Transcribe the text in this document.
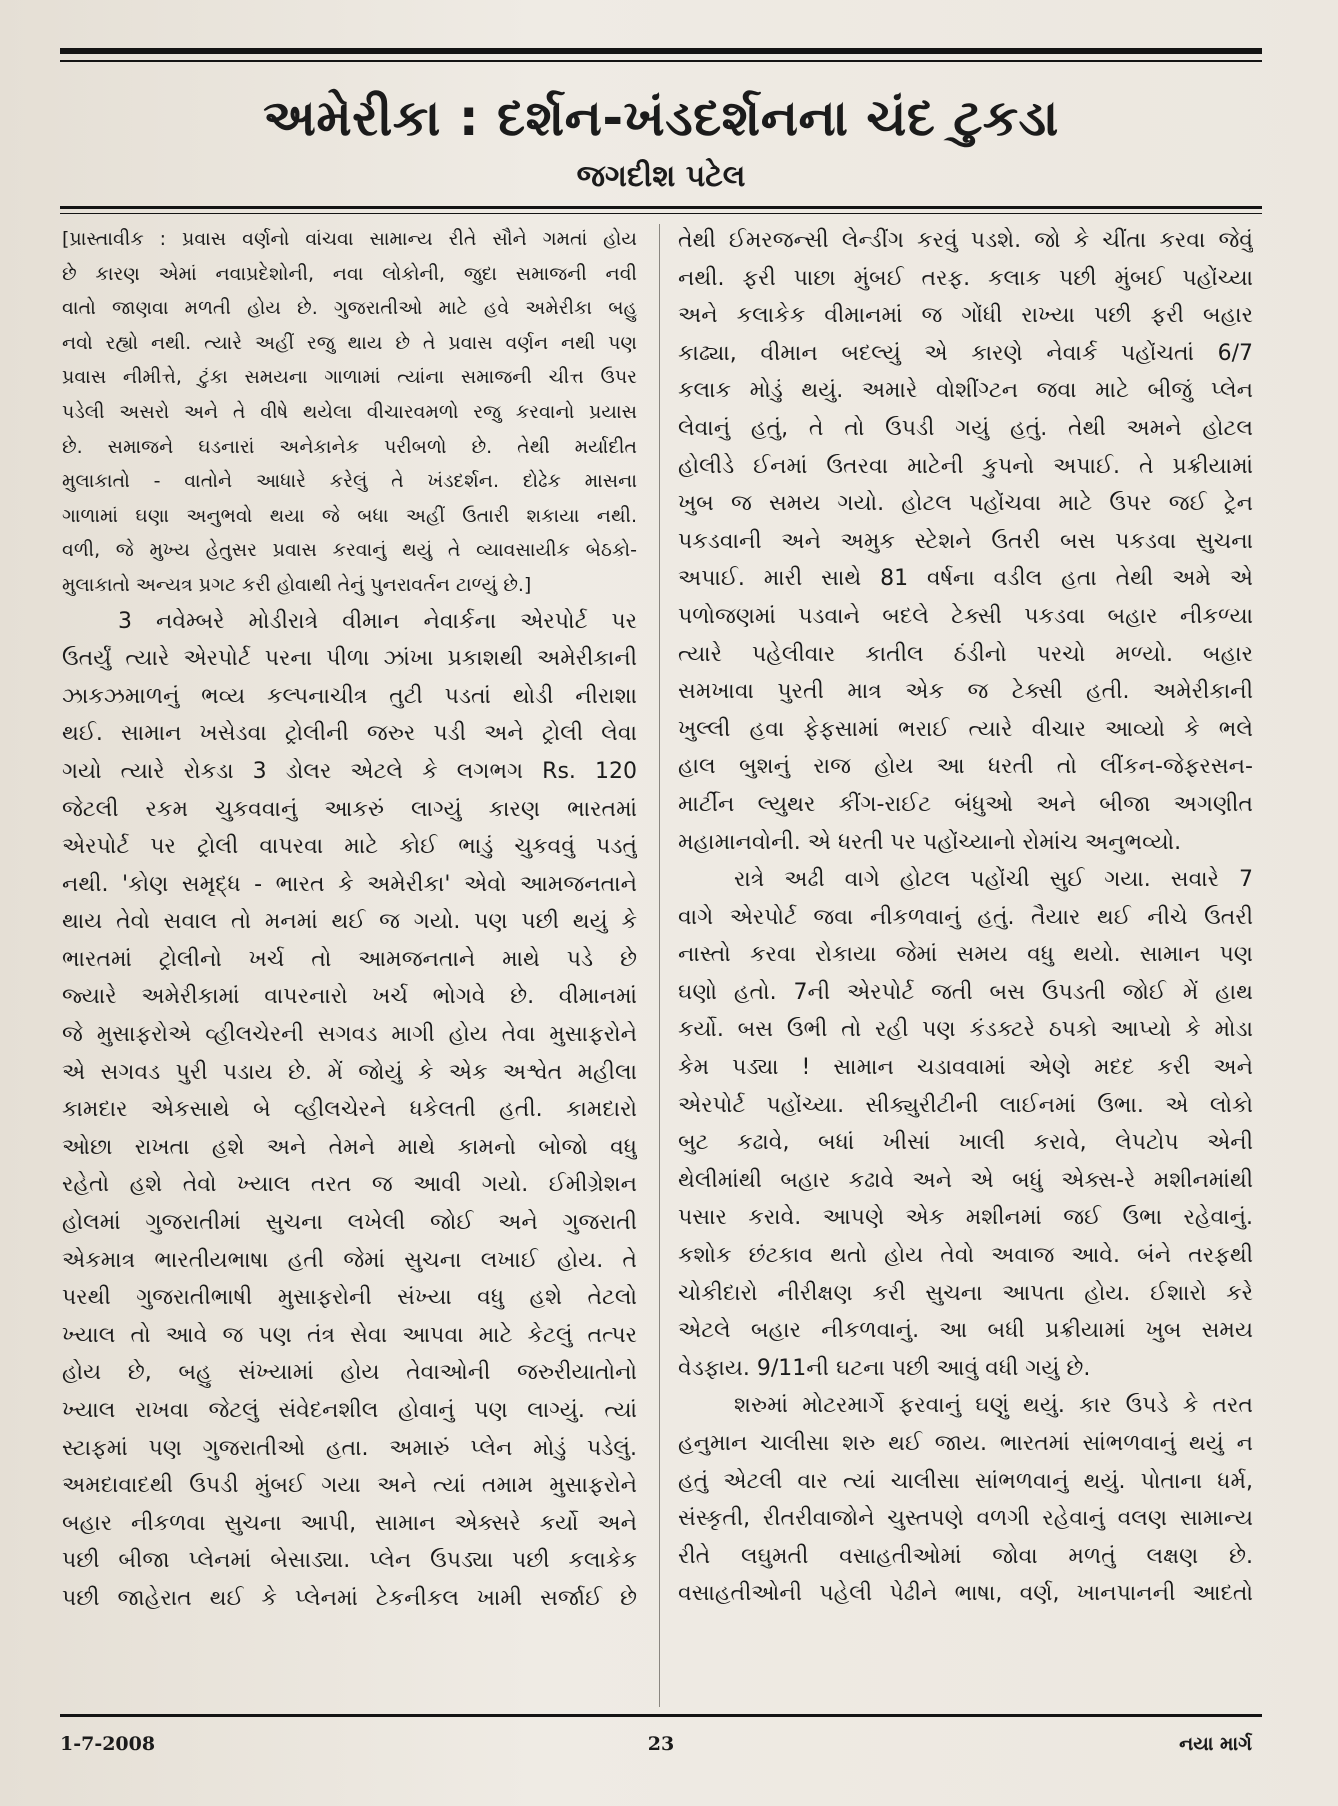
અમેરીકા : દર્શન-ખંડદર્શનના ચંદ ટુકડા
જગદીશ પટેલ
[પ્રાસ્તાવીક : પ્રવાસ વર્ણનો વાંચવા સામાન્ય રીતે સૌને ગમતાં હોય
છે કારણ એમાં નવાપ્રદેશોની, નવા લોકોની, જુદા સમાજની નવી
વાતો જાણવા મળતી હોય છે. ગુજરાતીઓ માટે હવે અમેરીકા બહુ
નવો રહ્યો નથી. ત્યારે અહીં રજુ થાય છે તે પ્રવાસ વર્ણન નથી પણ
પ્રવાસ નીમીત્તે, ટુંકા સમયના ગાળામાં ત્યાંના સમાજની ચીત્ત ઉપર
પડેલી અસરો અને તે વીષે થયેલા વીચારવમળો રજુ કરવાનો પ્રયાસ
છે. સમાજને ઘડનારાં અનેકાનેક પરીબળો છે. તેથી મર્યાદીત
મુલાકાતો - વાતોને આધારે કરેલું તે ખંડદર્શન. દોઢેક માસના
ગાળામાં ઘણા અનુભવો થયા જે બધા અહીં ઉતારી શકાયા નથી.
વળી, જે મુખ્ય હેતુસર પ્રવાસ કરવાનું થયું તે વ્યાવસાયીક બેઠકો-
મુલાકાતો અન્યત્ર પ્રગટ કરી હોવાથી તેનું પુનરાવર્તન ટાળ્યું છે.]
3 નવેમ્બરે મોડીરાત્રે વીમાન નેવાર્કના એરપોર્ટ પર
ઉતર્યું ત્યારે એરપોર્ટ પરના પીળા ઝાંખા પ્રકાશથી અમેરીકાની
ઝાકઝમાળનું ભવ્ય કલ્પનાચીત્ર તુટી પડતાં થોડી નીરાશા
થઈ. સામાન ખસેડવા ટ્રોલીની જરુર પડી અને ટ્રોલી લેવા
ગયો ત્યારે રોકડા 3 ડોલર એટલે કે લગભગ Rs. 120
જેટલી રકમ ચુકવવાનું આકરું લાગ્યું કારણ ભારતમાં
એરપોર્ટ પર ટ્રોલી વાપરવા માટે કોઈ ભાડું ચુકવવું પડતું
નથી. 'કોણ સમૃદ્ધ - ભારત કે અમેરીકા' એવો આમજનતાને
થાય તેવો સવાલ તો મનમાં થઈ જ ગયો. પણ પછી થયું કે
ભારતમાં ટ્રોલીનો ખર્ચ તો આમજનતાને માથે પડે છે
જ્યારે અમેરીકામાં વાપરનારો ખર્ચ ભોગવે છે. વીમાનમાં
જે મુસાફરોએ વ્હીલચેરની સગવડ માગી હોય તેવા મુસાફરોને
એ સગવડ પુરી પડાય છે. મેં જોયું કે એક અશ્વેત મહીલા
કામદાર એકસાથે બે વ્હીલચેરને ધકેલતી હતી. કામદારો
ઓછા રાખતા હશે અને તેમને માથે કામનો બોજો વધુ
રહેતો હશે તેવો ખ્યાલ તરત જ આવી ગયો. ઈમીગ્રેશન
હોલમાં ગુજરાતીમાં સુચના લખેલી જોઈ અને ગુજરાતી
એકમાત્ર ભારતીયભાષા હતી જેમાં સુચના લખાઈ હોય. તે
પરથી ગુજરાતીભાષી મુસાફરોની સંખ્યા વધુ હશે તેટલો
ખ્યાલ તો આવે જ પણ તંત્ર સેવા આપવા માટે કેટલું તત્પર
હોય છે, બહુ સંખ્યામાં હોય તેવાઓની જરુરીયાતોનો
ખ્યાલ રાખવા જેટલું સંવેદનશીલ હોવાનું પણ લાગ્યું. ત્યાં
સ્ટાફમાં પણ ગુજરાતીઓ હતા. અમારું પ્લેન મોડું પડેલું.
અમદાવાદથી ઉપડી મુંબઈ ગયા અને ત્યાં તમામ મુસાફરોને
બહાર નીકળવા સુચના આપી, સામાન એક્સરે કર્યો અને
પછી બીજા પ્લેનમાં બેસાડ્યા. પ્લેન ઉપડ્યા પછી કલાકેક
પછી જાહેરાત થઈ કે પ્લેનમાં ટેકનીકલ ખામી સર્જાઈ છે
તેથી ઈમરજન્સી લેન્ડીંગ કરવું પડશે. જો કે ચીંતા કરવા જેવું
નથી. ફરી પાછા મુંબઈ તરફ. કલાક પછી મુંબઈ પહોંચ્યા
અને કલાકેક વીમાનમાં જ ગોંધી રાખ્યા પછી ફરી બહાર
કાઢ્યા, વીમાન બદલ્યું એ કારણે નેવાર્ક પહોંચતાં 6/7
કલાક મોડું થયું. અમારે વોશીંગ્ટન જવા માટે બીજું પ્લેન
લેવાનું હતું, તે તો ઉપડી ગયું હતું. તેથી અમને હોટલ
હોલીડે ઈનમાં ઉતરવા માટેની કુપનો અપાઈ. તે પ્રક્રીયામાં
ખુબ જ સમય ગયો. હોટલ પહોંચવા માટે ઉપર જઈ ટ્રેન
પકડવાની અને અમુક સ્ટેશને ઉતરી બસ પકડવા સુચના
અપાઈ. મારી સાથે 81 વર્ષના વડીલ હતા તેથી અમે એ
પળોજણમાં પડવાને બદલે ટેક્સી પકડવા બહાર નીકળ્યા
ત્યારે પહેલીવાર કાતીલ ઠંડીનો પરચો મળ્યો. બહાર
સમખાવા પુરતી માત્ર એક જ ટેક્સી હતી. અમેરીકાની
ખુલ્લી હવા ફેફસામાં ભરાઈ ત્યારે વીચાર આવ્યો કે ભલે
હાલ બુશનું રાજ હોય આ ધરતી તો લીંકન-જેફરસન-
માર્ટીન લ્યુથર કીંગ-રાઈટ બંધુઓ અને બીજા અગણીત
મહામાનવોની. એ ધરતી પર પહોંચ્યાનો રોમાંચ અનુભવ્યો.
રાત્રે અઢી વાગે હોટલ પહોંચી સુઈ ગયા. સવારે 7
વાગે એરપોર્ટ જવા નીકળવાનું હતું. તૈયાર થઈ નીચે ઉતરી
નાસ્તો કરવા રોકાયા જેમાં સમય વધુ થયો. સામાન પણ
ઘણો હતો. 7ની એરપોર્ટ જતી બસ ઉપડતી જોઈ મેં હાથ
કર્યો. બસ ઉભી તો રહી પણ કંડક્ટરે ઠપકો આપ્યો કે મોડા
કેમ પડ્યા ! સામાન ચડાવવામાં એણે મદદ કરી અને
એરપોર્ટ પહોંચ્યા. સીક્યુરીટીની લાઈનમાં ઉભા. એ લોકો
બુટ કઢાવે, બધાં ખીસાં ખાલી કરાવે, લેપટોપ એની
થેલીમાંથી બહાર કઢાવે અને એ બધું એક્સ-રે મશીનમાંથી
પસાર કરાવે. આપણે એક મશીનમાં જઈ ઉભા રહેવાનું.
કશોક છંટકાવ થતો હોય તેવો અવાજ આવે. બંને તરફથી
ચોકીદારો નીરીક્ષણ કરી સુચના આપતા હોય. ઈશારો કરે
એટલે બહાર નીકળવાનું. આ બધી પ્રક્રીયામાં ખુબ સમય
વેડફાય. 9/11ની ઘટના પછી આવું વધી ગયું છે.
શરુમાં મોટરમાર્ગે ફરવાનું ઘણું થયું. કાર ઉપડે કે તરત
હનુમાન ચાલીસા શરુ થઈ જાય. ભારતમાં સાંભળવાનું થયું ન
હતું એટલી વાર ત્યાં ચાલીસા સાંભળવાનું થયું. પોતાના ધર્મ,
સંસ્કૃતી, રીતરીવાજોને ચુસ્તપણે વળગી રહેવાનું વલણ સામાન્ય
રીતે લઘુમતી વસાહતીઓમાં જોવા મળતું લક્ષણ છે.
વસાહતીઓની પહેલી પેઢીને ભાષા, વર્ણ, ખાનપાનની આદતો
1-7-2008	23	નયા માર્ગ
